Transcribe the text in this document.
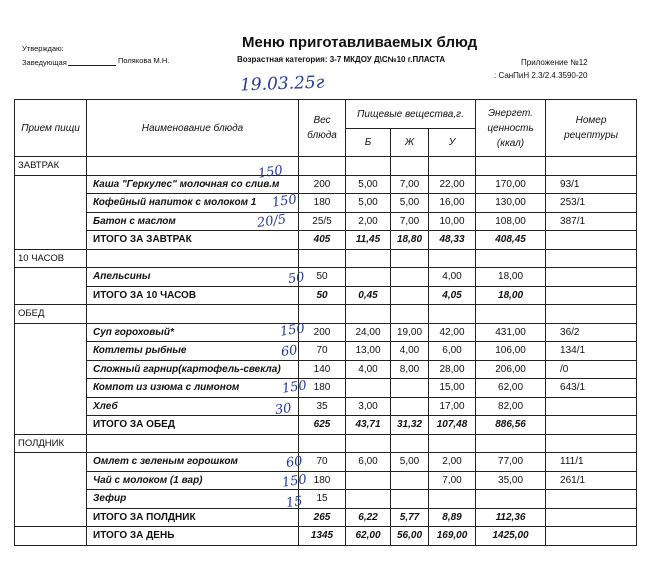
Утверждаю:
Заведующая	Полякова М.Н.
Меню приготавливаемых блюд
Возрастная категория: 3-7 МКДОУ Д\С№10 г.ПЛАСТА	Приложение №12
: СанПиН 2.3/2.4.3590-20
19.03.25г
Прием пищи	Наименование блюда	Вес блюда	Пищевые вещества,г.			Энергет. ценность (ккал)	Номер рецептуры
			Б	Ж	У		
ЗАВТРАК							
	Каша "Геркулес" молочная со слив.м	200	5,00	7,00	22,00	170,00	93/1
	Кофейный напиток с молоком 1	180	5,00	5,00	16,00	130,00	253/1
	Батон с маслом	25/5	2,00	7,00	10,00	108,00	387/1
	ИТОГО ЗА ЗАВТРАК	405	11,45	18,80	48,33	408,45	
10 ЧАСОВ							
	Апельсины	50			4,00	18,00	
	ИТОГО ЗА 10 ЧАСОВ	50	0,45		4,05	18,00	
ОБЕД							
	Суп гороховый*	200	24,00	19,00	42,00	431,00	36/2
	Котлеты рыбные	70	13,00	4,00	6,00	106,00	134/1
	Сложный гарнир(картофель-свекла)	140	4,00	8,00	28,00	206,00	/0
	Компот из изюма с лимоном	180			15,00	62,00	643/1
	Хлеб	35	3,00		17,00	82,00	
	ИТОГО ЗА ОБЕД	625	43,71	31,32	107,48	886,56	
ПОЛДНИК							
	Омлет с зеленым горошком	70	6,00	5,00	2,00	77,00	111/1
	Чай с молоком (1 вар)	180			7,00	35,00	261/1
	Зефир	15					
	ИТОГО ЗА ПОЛДНИК	265	6,22	5,77	8,89	112,36	
	ИТОГО ЗА ДЕНЬ	1345	62,00	56,00	169,00	1425,00	
150
150
20/5
50
150
60
150
30
60
150
15
